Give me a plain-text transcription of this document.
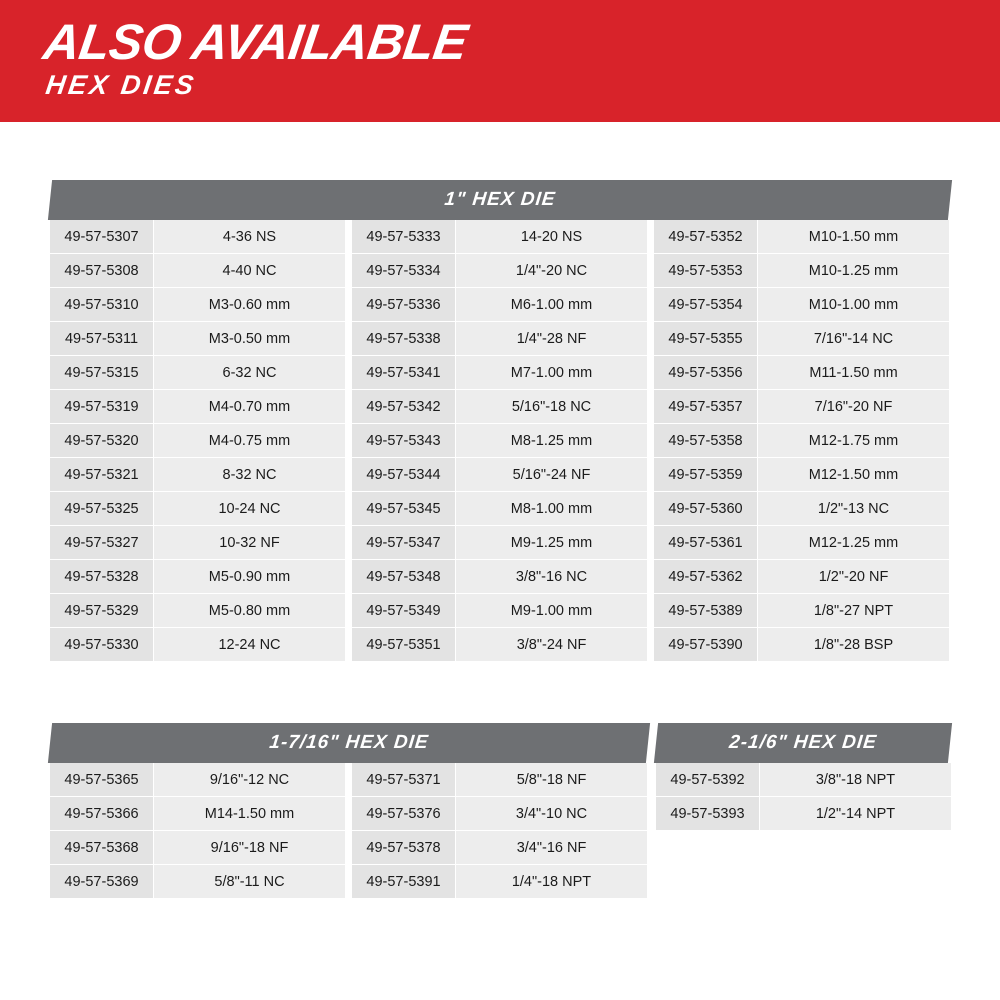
ALSO AVAILABLE
HEX DIES
1" HEX DIE
49-57-5307	4-36 NS
49-57-5308	4-40 NC
49-57-5310	M3-0.60 mm
49-57-5311	M3-0.50 mm
49-57-5315	6-32 NC
49-57-5319	M4-0.70 mm
49-57-5320	M4-0.75 mm
49-57-5321	8-32 NC
49-57-5325	10-24 NC
49-57-5327	10-32 NF
49-57-5328	M5-0.90 mm
49-57-5329	M5-0.80 mm
49-57-5330	12-24 NC
49-57-5333	14-20 NS
49-57-5334	1/4"-20 NC
49-57-5336	M6-1.00 mm
49-57-5338	1/4"-28 NF
49-57-5341	M7-1.00 mm
49-57-5342	5/16"-18 NC
49-57-5343	M8-1.25 mm
49-57-5344	5/16"-24 NF
49-57-5345	M8-1.00 mm
49-57-5347	M9-1.25 mm
49-57-5348	3/8"-16 NC
49-57-5349	M9-1.00 mm
49-57-5351	3/8"-24 NF
49-57-5352	M10-1.50 mm
49-57-5353	M10-1.25 mm
49-57-5354	M10-1.00 mm
49-57-5355	7/16"-14 NC
49-57-5356	M11-1.50 mm
49-57-5357	7/16"-20 NF
49-57-5358	M12-1.75 mm
49-57-5359	M12-1.50 mm
49-57-5360	1/2"-13 NC
49-57-5361	M12-1.25 mm
49-57-5362	1/2"-20 NF
49-57-5389	1/8"-27 NPT
49-57-5390	1/8"-28 BSP
1-7/16" HEX DIE
49-57-5365	9/16"-12 NC
49-57-5366	M14-1.50 mm
49-57-5368	9/16"-18 NF
49-57-5369	5/8"-11 NC
49-57-5371	5/8"-18 NF
49-57-5376	3/4"-10 NC
49-57-5378	3/4"-16 NF
49-57-5391	1/4"-18 NPT
2-1/6" HEX DIE
49-57-5392	3/8"-18 NPT
49-57-5393	1/2"-14 NPT
